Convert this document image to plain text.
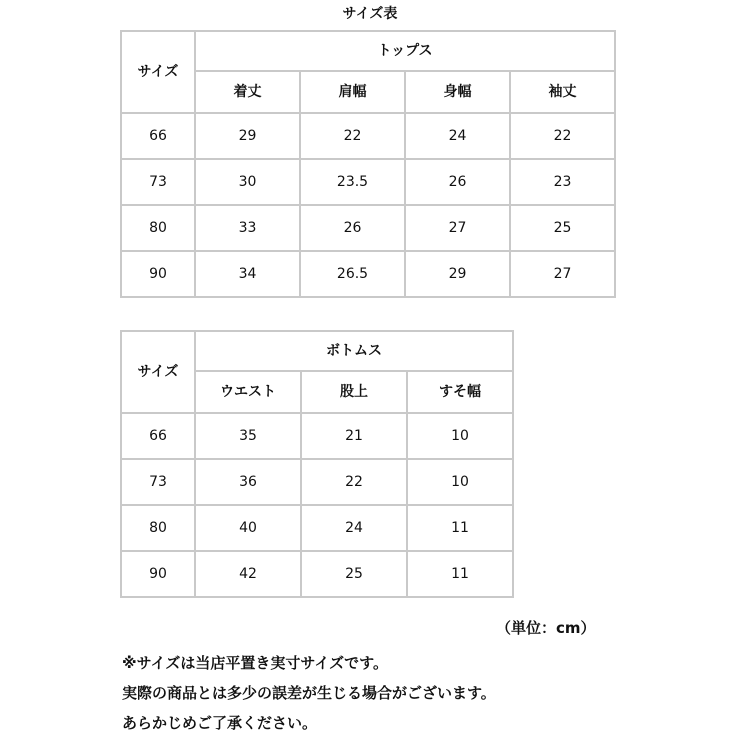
サイズ表
サイズ	トップス			
	着丈	肩幅	身幅	袖丈
66	29	22	24	22
73	30	23.5	26	23
80	33	26	27	25
90	34	26.5	29	27
サイズ	ボトムス		
	ウエスト	股上	すそ幅
66	35	21	10
73	36	22	10
80	40	24	11
90	42	25	11
（単位：cm）
※サイズは当店平置き実寸サイズです。
実際の商品とは多少の誤差が生じる場合がございます。
あらかじめご了承ください。
